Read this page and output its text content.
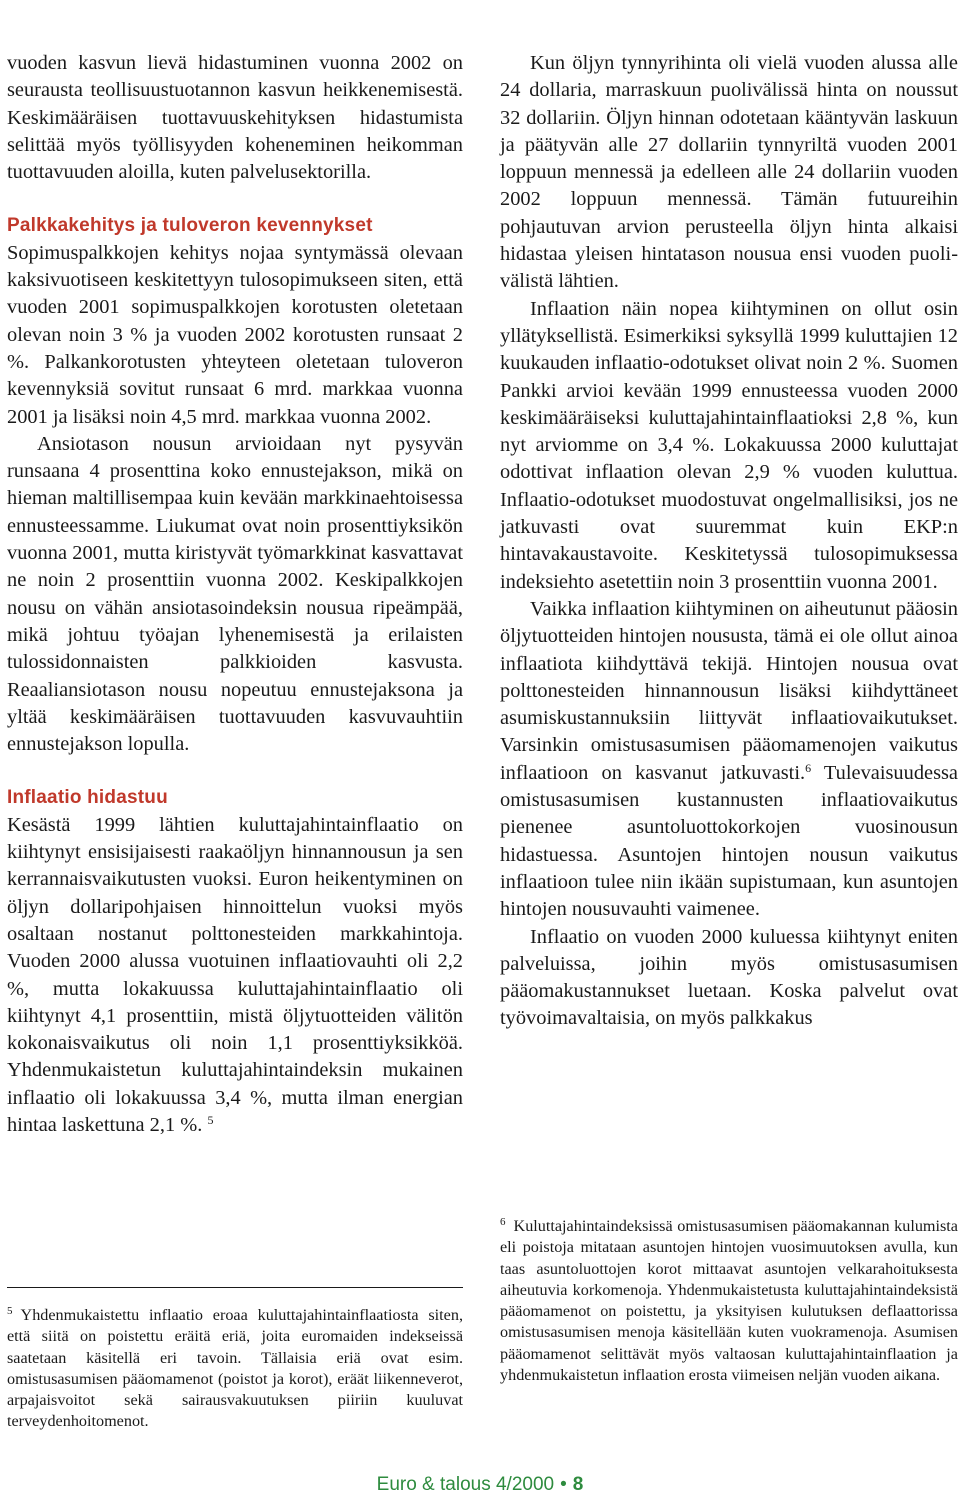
vuoden kasvun lievä hidastuminen vuonna 2002 on seurausta teollisuustuotannon kasvun heikkenemisestä. Keskimääräisen tuottavuuskehityksen hidastumista selittää myös työllisyyden koheneminen heikomman tuottavuuden aloilla, kuten palvelusektorilla.

Palkkakehitys ja tuloveron kevennykset

Sopimuspalkkojen kehitys nojaa syntymässä olevaan kaksivuotiseen keskitettyyn tulosopimukseen siten, että vuoden 2001 sopimuspalkkojen korotusten oletetaan olevan noin 3 % ja vuoden 2002 korotusten runsaat 2 %. Palkankorotusten yhteyteen oletetaan tuloveron kevennyksiä sovitut runsaat 6 mrd. markkaa vuonna 2001 ja lisäksi noin 4,5 mrd. markkaa vuonna 2002.

Ansiotason nousun arvioidaan nyt pysyvän runsaana 4 prosenttina koko ennustejakson, mikä on hieman maltillisempaa kuin kevään markkinaehtoisessa ennusteessamme. Liukumat ovat noin prosenttiyksikön vuonna 2001, mutta kiristyvät työmarkkinat kasvattavat ne noin 2 prosenttiin vuonna 2002. Keskipalkkojen nousu on vähän ansiotasoindeksin nousua ripeämpää, mikä johtuu työajan lyhenemisestä ja erilaisten tulossidonnaisten palkkioiden kasvusta. Reaaliansiotason nousu nopeutuu ennustejaksona ja yltää keskimääräisen tuottavuuden kasvuvauhtiin ennustejakson lopulla.

Inflaatio hidastuu

Kesästä 1999 lähtien kuluttajahintainflaatio on kiihtynyt ensisijaisesti raakaöljyn hinnannousun ja sen kerrannaisvaikutusten vuoksi. Euron heikentyminen on öljyn dollaripohjaisen hinnoittelun vuoksi myös osaltaan nostanut polttonesteiden markkahintoja. Vuoden 2000 alussa vuotuinen inflaatiovauhti oli 2,2 %, mutta lokakuussa kuluttajahintainflaatio oli kiihtynyt 4,1 prosenttiin, mistä öljytuotteiden välitön kokonaisvaikutus oli noin 1,1 prosenttiyksikköä. Yhdenmukaistetun kuluttajahintaindeksin mukainen inflaatio oli lokakuussa 3,4 %, mutta ilman energian hintaa laskettuna 2,1 %. $^5$

$^5$ Yhdenmukaistettu inflaatio eroaa kuluttajahintainflaatiosta siten, että siitä on poistettu eräitä eriä, joita euromaiden indekseissä saatetaan käsitellä eri tavoin. Tällaisia eriä ovat esim. omistusasumisen pääomamenot (poistot ja korot), eräät liikenneverot, arpajaisvoitot sekä sairausvakuutuksen piiriin kuuluvat terveydenhoitomenot.

Kun öljyn tynnyrihinta oli vielä vuoden alussa alle 24 dollaria, marraskuun puolivälissä hinta on noussut 32 dollariin. Öljyn hinnan odotetaan kääntyvän laskuun ja päätyvän alle 27 dollariin tynnyriltä vuoden 2001 loppuun mennessä ja edelleen alle 24 dollariin vuoden 2002 loppuun mennessä. Tämän futuureihin pohjautuvan arvion perusteella öljyn hinta alkaisi hidastaa yleisen hintatason nousua ensi vuoden puolivälistä lähtien.

Inflaation näin nopea kiihtyminen on ollut osin yllätyksellistä. Esimerkiksi syksyllä 1999 kuluttajien 12 kuukauden inflaatio-odotukset olivat noin 2 %. Suomen Pankki arvioi kevään 1999 ennusteessa vuoden 2000 keskimääräiseksi kuluttajahintainflaatioksi 2,8 %, kun nyt arviomme on 3,4 %. Lokakuussa 2000 kuluttajat odottivat inflaation olevan 2,9 % vuoden kuluttua. Inflaatio-odotukset muodostuvat ongelmallisiksi, jos ne jatkuvasti ovat suuremmat kuin EKP:n hintavakaustavoite. Keskitetyssä tulosopimuksessa indeksiehto asetettiin noin 3 prosenttiin vuonna 2001.

Vaikka inflaation kiihtyminen on aiheutunut pääosin öljytuotteiden hintojen noususta, tämä ei ole ollut ainoa inflaatiota kiihdyttävä tekijä. Hintojen nousua ovat polttonesteiden hinnannousun lisäksi kiihdyttäneet asumiskustannuksiin liittyvät inflaatiovaikutukset. Varsinkin omistusasumisen pääomamenojen vaikutus inflaatioon on kasvanut jatkuvasti.$^6$ Tulevaisuudessa omistusasumisen kustannusten inflaatiovaikutus pienenee asuntoluottokorkojen vuosinousun hidastuessa. Asuntojen hintojen nousun vaikutus inflaatioon tulee niin ikään supistumaan, kun asuntojen hintojen nousuvauhti vaimenee.

Inflaatio on vuoden 2000 kuluessa kiihtynyt eniten palveluissa, joihin myös omistusasumisen pääomakustannukset luetaan. Koska palvelut ovat työvoimavaltaisia, on myös palkkakus

$^6$ Kuluttajahintaindeksissä omistusasumisen pääomakannan kulumista eli poistoja mitataan asuntojen hintojen vuosimuutoksen avulla, kun taas asuntoluottojen korot mittaavat asuntojen velkarahoituksesta aiheutuvia korkomenoja. Yhdenmukaistetusta kuluttajahintaindeksistä pääomamenot on poistettu, ja yksityisen kulutuksen deflaattorissa omistusasumisen menoja käsitellään kuten vuokramenoja. Asumisen pääomamenot selittävät myös valtaosan kuluttajahintainflaation ja yhdenmukaistetun inflaation erosta viimeisen neljän vuoden aikana.

Euro & talous 4/2000 • 8
